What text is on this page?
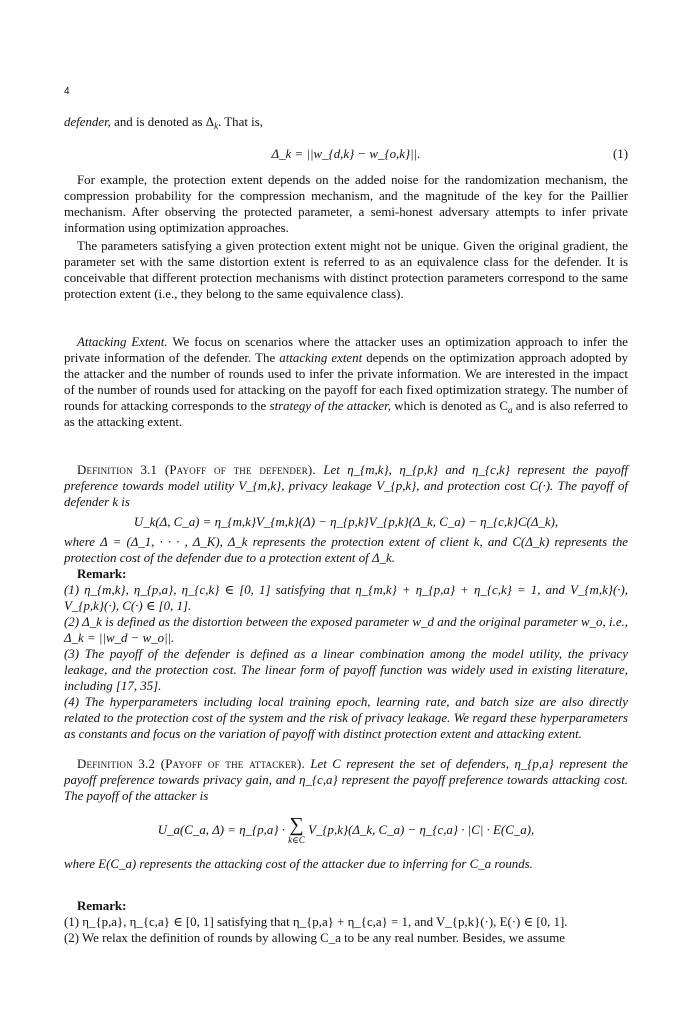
4

defender, and is denoted as $\Delta_k$. That is,

Δ_k = ||w_{d,k} − w_{o,k}||.	(1)

For example, the protection extent depends on the added noise for the randomization mechanism, the compression probability for the compression mechanism, and the magnitude of the key for the Paillier mechanism. After observing the protected parameter, a semi-honest adversary attempts to infer private information using optimization approaches.

The parameters satisfying a given protection extent might not be unique. Given the original gradient, the parameter set with the same distortion extent is referred to as an equivalence class for the defender. It is conceivable that different protection mechanisms with distinct protection parameters correspond to the same protection extent (i.e., they belong to the same equivalence class).

Attacking Extent. We focus on scenarios where the attacker uses an optimization approach to infer the private information of the defender. The attacking extent depends on the optimization approach adopted by the attacker and the number of rounds used to infer the private information. We are interested in the impact of the number of rounds used for attacking on the payoff for each fixed optimization strategy. The number of rounds for attacking corresponds to the strategy of the attacker, which is denoted as $C_a$ and is also referred to as the attacking extent.

Definition 3.1 (Payoff of the defender). Let η_{m,k}, η_{p,k} and η_{c,k} represent the payoff preference towards model utility V_{m,k}, privacy leakage V_{p,k}, and protection cost C(·). The payoff of defender k is

U_k(Δ, C_a) = η_{m,k}V_{m,k}(Δ) − η_{p,k}V_{p,k}(Δ_k, C_a) − η_{c,k}C(Δ_k),

where Δ = (Δ_1, · · · , Δ_K), Δ_k represents the protection extent of client k, and C(Δ_k) represents the protection cost of the defender due to a protection extent of Δ_k.

Remark:

(1) η_{m,k}, η_{p,a}, η_{c,k} ∈ [0, 1] satisfying that η_{m,k} + η_{p,a} + η_{c,k} = 1, and V_{m,k}(·), V_{p,k}(·), C(·) ∈ [0, 1].

(2) Δ_k is defined as the distortion between the exposed parameter w_d and the original parameter w_o, i.e., Δ_k = ||w_d − w_o||.

(3) The payoff of the defender is defined as a linear combination among the model utility, the privacy leakage, and the protection cost. The linear form of payoff function was widely used in existing literature, including [17, 35].

(4) The hyperparameters including local training epoch, learning rate, and batch size are also directly related to the protection cost of the system and the risk of privacy leakage. We regard these hyperparameters as constants and focus on the variation of payoff with distinct protection extent and attacking extent.

Definition 3.2 (Payoff of the attacker). Let C represent the set of defenders, η_{p,a} represent the payoff preference towards privacy gain, and η_{c,a} represent the payoff preference towards attacking cost. The payoff of the attacker is

U_a(C_a, Δ) = η_{p,a} · ∑
k∈C
V_{p,k}(Δ_k, C_a) − η_{c,a} · |C| · E(C_a),

where E(C_a) represents the attacking cost of the attacker due to inferring for C_a rounds.

Remark:

(1) η_{p,a}, η_{c,a} ∈ [0, 1] satisfying that η_{p,a} + η_{c,a} = 1, and V_{p,k}(·), E(·) ∈ [0, 1].

(2) We relax the definition of rounds by allowing C_a to be any real number. Besides, we assume
